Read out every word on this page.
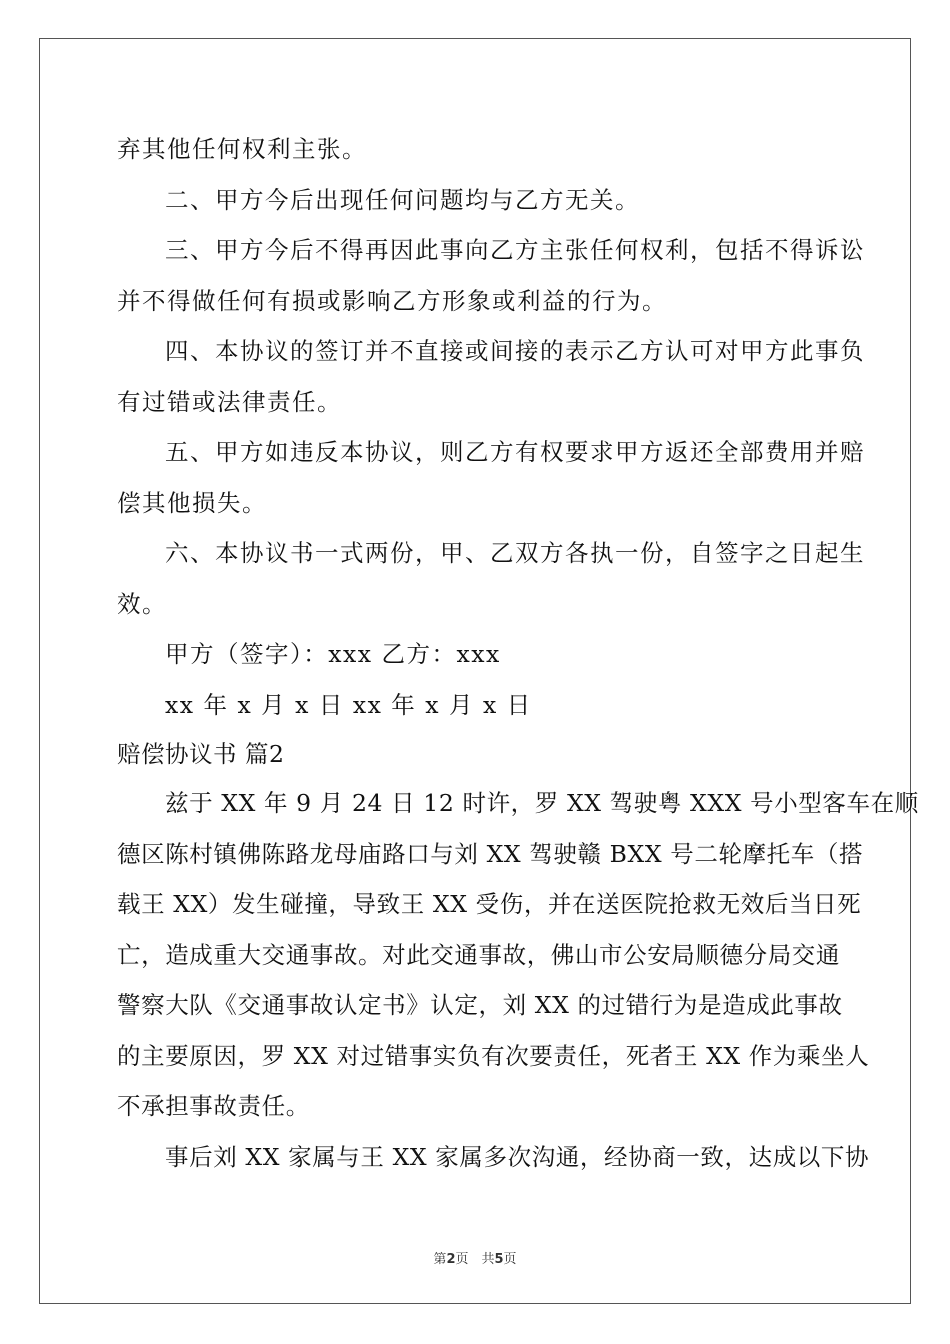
弃其他任何权利主张。
二、甲方今后出现任何问题均与乙方无关。
三、甲方今后不得再因此事向乙方主张任何权利，包括不得诉讼
并不得做任何有损或影响乙方形象或利益的行为。
四、本协议的签订并不直接或间接的表示乙方认可对甲方此事负
有过错或法律责任。
五、甲方如违反本协议，则乙方有权要求甲方返还全部费用并赔
偿其他损失。
六、本协议书一式两份，甲、乙双方各执一份，自签字之日起生
效。
甲方（签字）：xxx 乙方：xxx
xx 年 x 月 x 日 xx 年 x 月 x 日
赔偿协议书 篇2
兹于 XX 年 9 月 24 日 12 时许，罗 XX 驾驶粤 XXX 号小型客车在顺
德区陈村镇佛陈路龙母庙路口与刘 XX 驾驶赣 BXX 号二轮摩托车（搭
载王 XX）发生碰撞，导致王 XX 受伤，并在送医院抢救无效后当日死
亡，造成重大交通事故。对此交通事故，佛山市公安局顺德分局交通
警察大队《交通事故认定书》认定，刘 XX 的过错行为是造成此事故
的主要原因，罗 XX 对过错事实负有次要责任，死者王 XX 作为乘坐人
不承担事故责任。
事后刘 XX 家属与王 XX 家属多次沟通，经协商一致，达成以下协
第2页　共5页
